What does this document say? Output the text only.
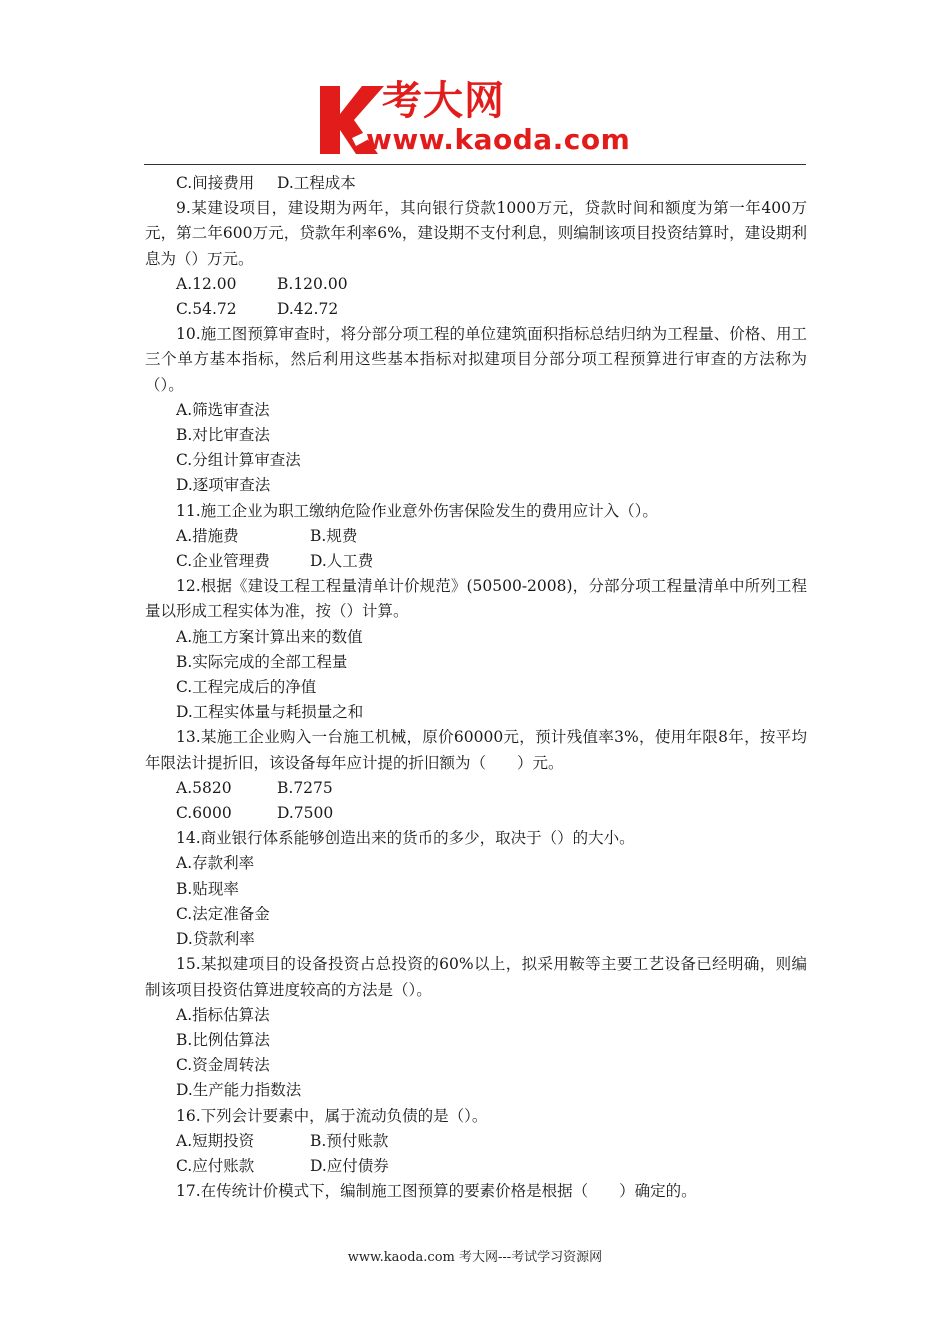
考大网
www.kaoda.com

C.间接费用 D.工程成本

9.某建设项目，建设期为两年，其向银行贷款1000万元，贷款时间和额度为第一年400万元，第二年600万元，贷款年利率6%，建设期不支付利息，则编制该项目投资结算时，建设期利息为（）万元。

A.12.00	B.120.00

C.54.72	D.42.72

10.施工图预算审查时，将分部分项工程的单位建筑面积指标总结归纳为工程量、价格、用工三个单方基本指标，然后利用这些基本指标对拟建项目分部分项工程预算进行审查的方法称为（）。

A.筛选审查法

B.对比审查法

C.分组计算审查法

D.逐项审查法

11.施工企业为职工缴纳危险作业意外伤害保险发生的费用应计入（）。

A.措施费	B.规费

C.企业管理费	D.人工费

12.根据《建设工程工程量清单计价规范》(50500-2008)，分部分项工程量清单中所列工程量以形成工程实体为准，按（）计算。

A.施工方案计算出来的数值

B.实际完成的全部工程量

C.工程完成后的净值

D.工程实体量与耗损量之和

13.某施工企业购入一台施工机械，原价60000元，预计残值率3%，使用年限8年，按平均年限法计提折旧，该设备每年应计提的折旧额为（　　）元。

A.5820	B.7275

C.6000	D.7500

14.商业银行体系能够创造出来的货币的多少，取决于（）的大小。

A.存款利率

B.贴现率

C.法定准备金

D.贷款利率

15.某拟建项目的设备投资占总投资的60%以上，拟采用鞍等主要工艺设备已经明确，则编制该项目投资估算进度较高的方法是（）。

A.指标估算法

B.比例估算法

C.资金周转法

D.生产能力指数法

16.下列会计要素中，属于流动负债的是（）。

A.短期投资	B.预付账款

C.应付账款	D.应付债券

17.在传统计价模式下，编制施工图预算的要素价格是根据（　　）确定的。

www.kaoda.com 考大网---考试学习资源网
